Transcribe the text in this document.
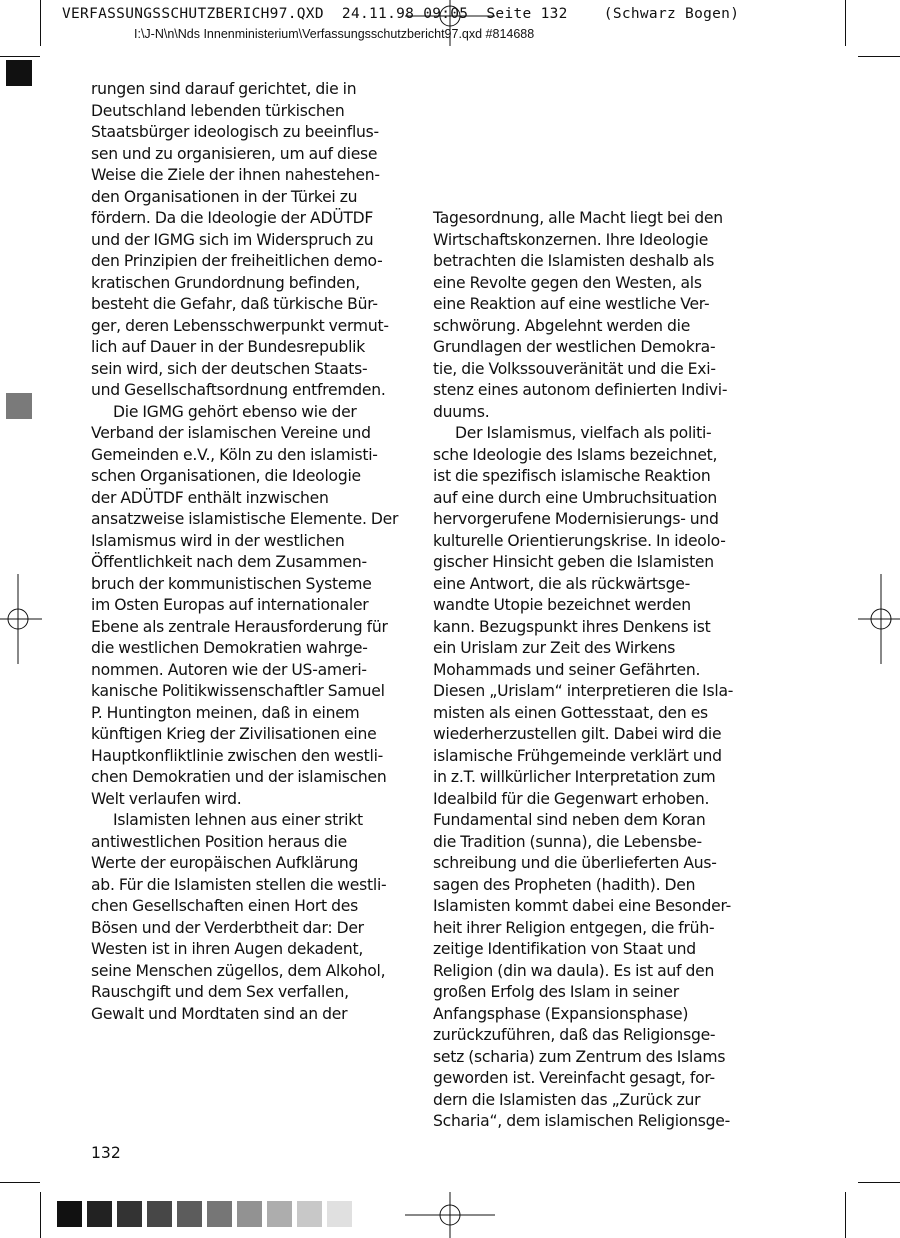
VERFASSUNGSSCHUTZBERICH97.QXD  24.11.98 09:05  Seite 132    (Schwarz Bogen)
I:\J-N\n\Nds Innenministerium\Verfassungsschutzbericht97.qxd #814688
rungen sind darauf gerichtet, die in
Deutschland lebenden türkischen
Staatsbürger ideologisch zu beeinflus-
sen und zu organisieren, um auf diese
Weise die Ziele der ihnen nahestehen-
den Organisationen in der Türkei zu
fördern. Da die Ideologie der ADÜTDF
und der IGMG sich im Widerspruch zu
den Prinzipien der freiheitlichen demo-
kratischen Grundordnung befinden,
besteht die Gefahr, daß türkische Bür-
ger, deren Lebensschwerpunkt vermut-
lich auf Dauer in der Bundesrepublik
sein wird, sich der deutschen Staats-
und Gesellschaftsordnung entfremden.
Die IGMG gehört ebenso wie der
Verband der islamischen Vereine und
Gemeinden e.V., Köln zu den islamisti-
schen Organisationen, die Ideologie
der ADÜTDF enthält inzwischen
ansatzweise islamistische Elemente. Der
Islamismus wird in der westlichen
Öffentlichkeit nach dem Zusammen-
bruch der kommunistischen Systeme
im Osten Europas auf internationaler
Ebene als zentrale Herausforderung für
die westlichen Demokratien wahrge-
nommen. Autoren wie der US-ameri-
kanische Politikwissenschaftler Samuel
P. Huntington meinen, daß in einem
künftigen Krieg der Zivilisationen eine
Hauptkonfliktlinie zwischen den westli-
chen Demokratien und der islamischen
Welt verlaufen wird.
Islamisten lehnen aus einer strikt
antiwestlichen Position heraus die
Werte der europäischen Aufklärung
ab. Für die Islamisten stellen die westli-
chen Gesellschaften einen Hort des
Bösen und der Verderbtheit dar: Der
Westen ist in ihren Augen dekadent,
seine Menschen zügellos, dem Alkohol,
Rauschgift und dem Sex verfallen,
Gewalt und Mordtaten sind an der
Tagesordnung, alle Macht liegt bei den
Wirtschaftskonzernen. Ihre Ideologie
betrachten die Islamisten deshalb als
eine Revolte gegen den Westen, als
eine Reaktion auf eine westliche Ver-
schwörung. Abgelehnt werden die
Grundlagen der westlichen Demokra-
tie, die Volkssouveränität und die Exi-
stenz eines autonom definierten Indivi-
duums.
Der Islamismus, vielfach als politi-
sche Ideologie des Islams bezeichnet,
ist die spezifisch islamische Reaktion
auf eine durch eine Umbruchsituation
hervorgerufene Modernisierungs- und
kulturelle Orientierungskrise. In ideolo-
gischer Hinsicht geben die Islamisten
eine Antwort, die als rückwärtsge-
wandte Utopie bezeichnet werden
kann. Bezugspunkt ihres Denkens ist
ein Urislam zur Zeit des Wirkens
Mohammads und seiner Gefährten.
Diesen „Urislam“ interpretieren die Isla-
misten als einen Gottesstaat, den es
wiederherzustellen gilt. Dabei wird die
islamische Frühgemeinde verklärt und
in z.T. willkürlicher Interpretation zum
Idealbild für die Gegenwart erhoben.
Fundamental sind neben dem Koran
die Tradition (sunna), die Lebensbe-
schreibung und die überlieferten Aus-
sagen des Propheten (hadith). Den
Islamisten kommt dabei eine Besonder-
heit ihrer Religion entgegen, die früh-
zeitige Identifikation von Staat und
Religion (din wa daula). Es ist auf den
großen Erfolg des Islam in seiner
Anfangsphase (Expansionsphase)
zurückzuführen, daß das Religionsge-
setz (scharia) zum Zentrum des Islams
geworden ist. Vereinfacht gesagt, for-
dern die Islamisten das „Zurück zur
Scharia“, dem islamischen Religionsge-
132
